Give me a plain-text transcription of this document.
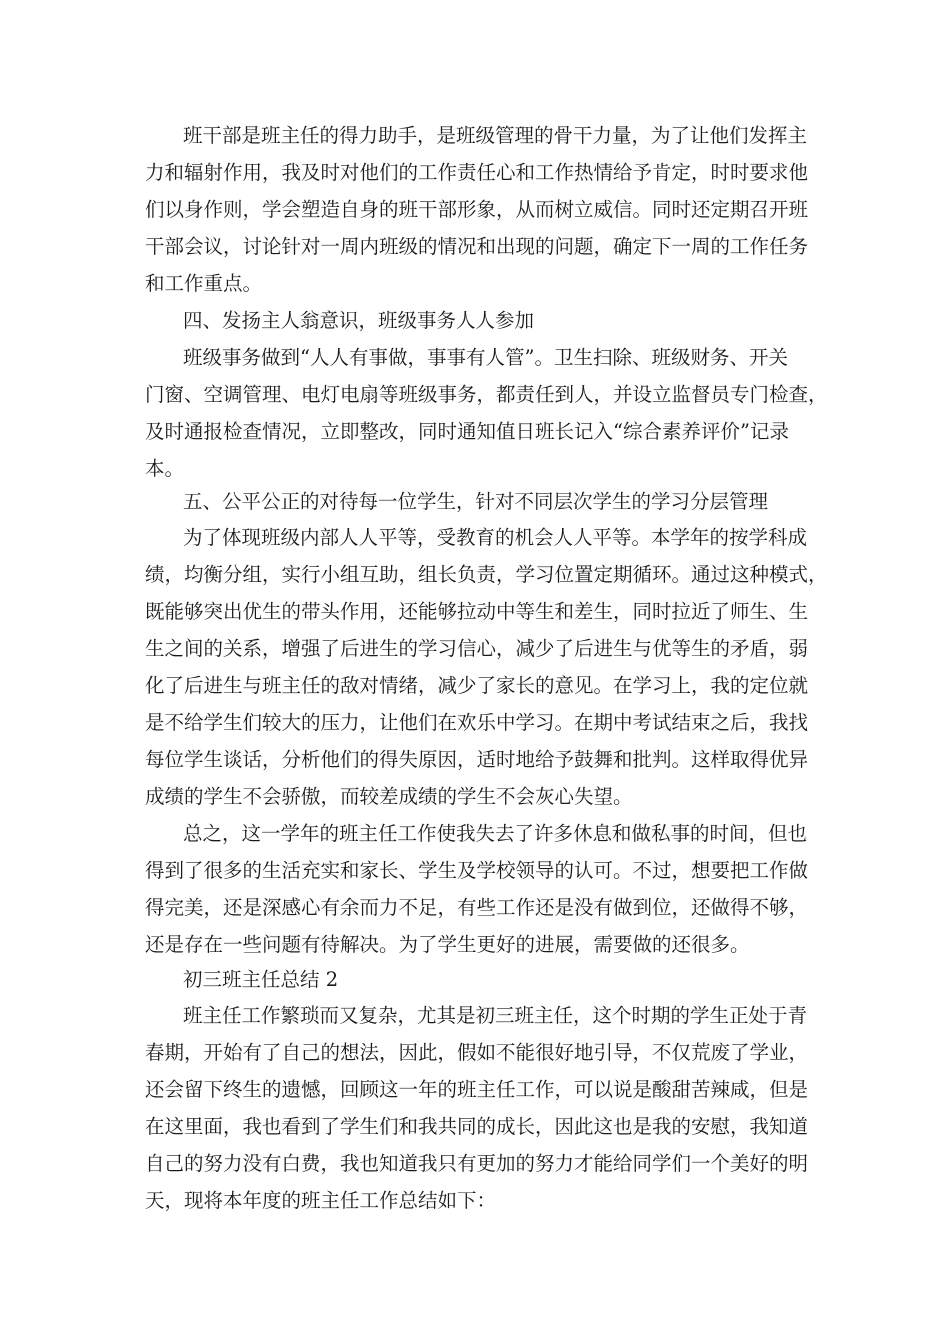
班干部是班主任的得力助手，是班级管理的骨干力量，为了让他们发挥主
力和辐射作用，我及时对他们的工作责任心和工作热情给予肯定，时时要求他
们以身作则，学会塑造自身的班干部形象，从而树立威信。同时还定期召开班
干部会议，讨论针对一周内班级的情况和出现的问题，确定下一周的工作任务
和工作重点。
四、发扬主人翁意识，班级事务人人参加
班级事务做到“人人有事做，事事有人管”。卫生扫除、班级财务、开关
门窗、空调管理、电灯电扇等班级事务，都责任到人，并设立监督员专门检查，
及时通报检查情况，立即整改，同时通知值日班长记入“综合素养评价”记录
本。
五、公平公正的对待每一位学生，针对不同层次学生的学习分层管理
为了体现班级内部人人平等，受教育的机会人人平等。本学年的按学科成
绩，均衡分组，实行小组互助，组长负责，学习位置定期循环。通过这种模式，
既能够突出优生的带头作用，还能够拉动中等生和差生，同时拉近了师生、生
生之间的关系，增强了后进生的学习信心，减少了后进生与优等生的矛盾，弱
化了后进生与班主任的敌对情绪，减少了家长的意见。在学习上，我的定位就
是不给学生们较大的压力，让他们在欢乐中学习。在期中考试结束之后，我找
每位学生谈话，分析他们的得失原因，适时地给予鼓舞和批判。这样取得优异
成绩的学生不会骄傲，而较差成绩的学生不会灰心失望。
总之，这一学年的班主任工作使我失去了许多休息和做私事的时间，但也
得到了很多的生活充实和家长、学生及学校领导的认可。不过，想要把工作做
得完美，还是深感心有余而力不足，有些工作还是没有做到位，还做得不够，
还是存在一些问题有待解决。为了学生更好的进展，需要做的还很多。
初三班主任总结 2
班主任工作繁琐而又复杂，尤其是初三班主任，这个时期的学生正处于青
春期，开始有了自己的想法，因此，假如不能很好地引导，不仅荒废了学业，
还会留下终生的遗憾，回顾这一年的班主任工作，可以说是酸甜苦辣咸，但是
在这里面，我也看到了学生们和我共同的成长，因此这也是我的安慰，我知道
自己的努力没有白费，我也知道我只有更加的努力才能给同学们一个美好的明
天，现将本年度的班主任工作总结如下：
